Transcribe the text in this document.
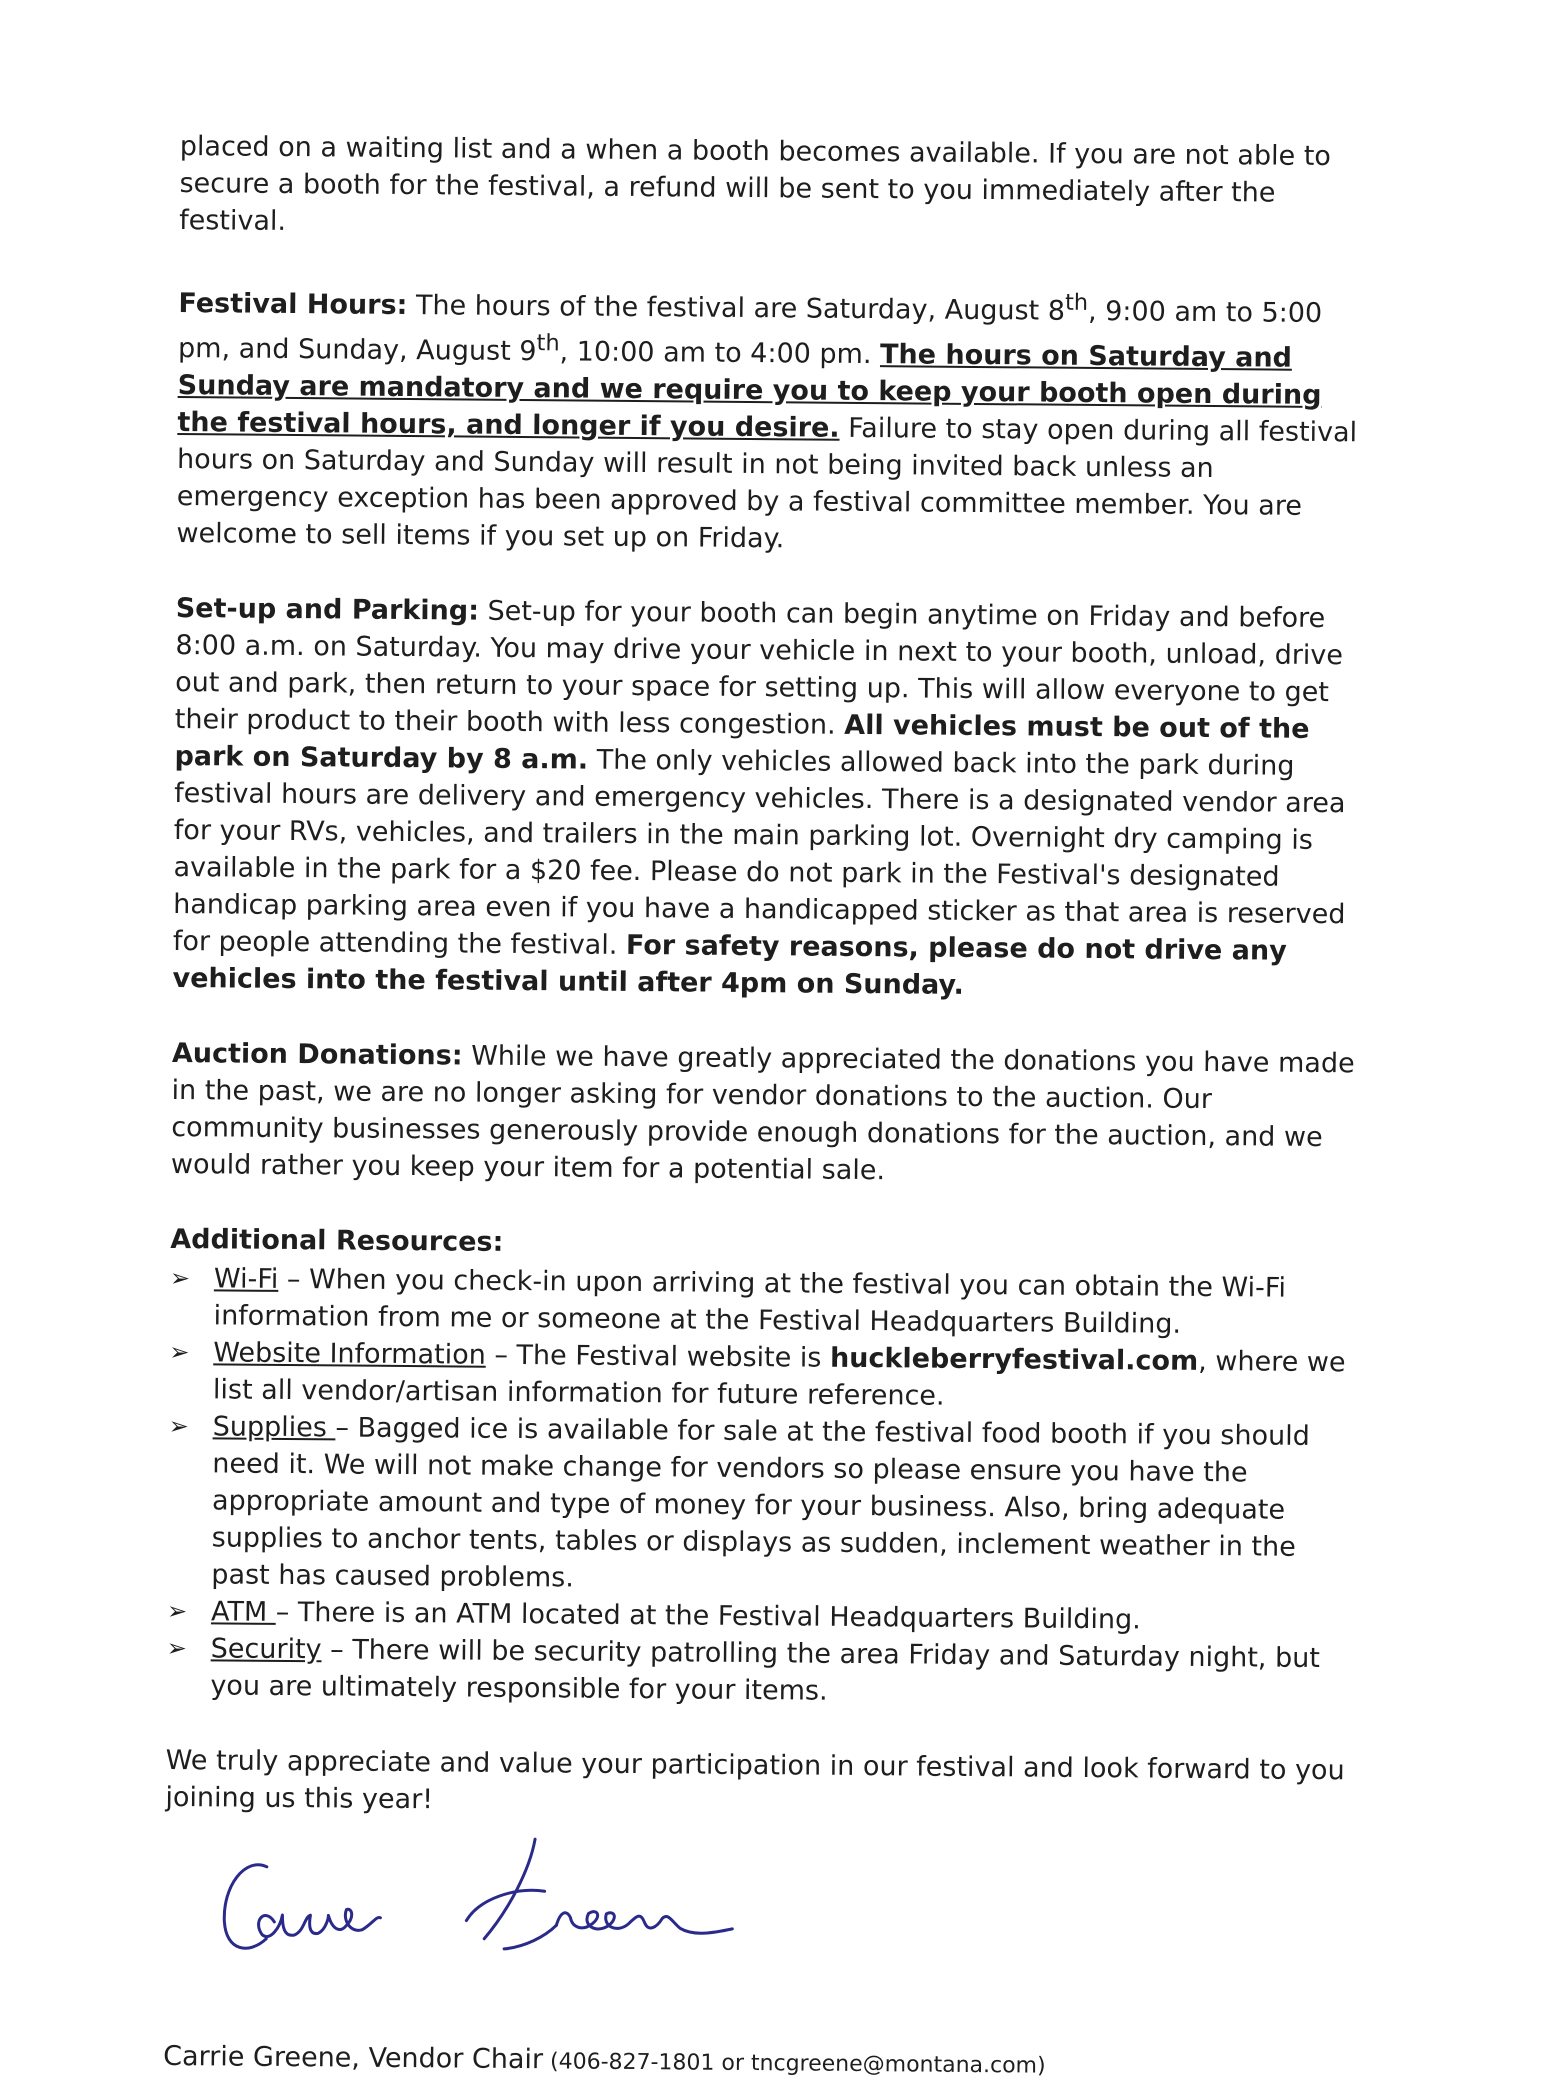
placed on a waiting list and a when a booth becomes available. If you are not able to secure a booth for the festival, a refund will be sent to you immediately after the festival.

Festival Hours: The hours of the festival are Saturday, August 8th, 9:00 am to 5:00 pm, and Sunday, August 9th, 10:00 am to 4:00 pm. The hours on Saturday and Sunday are mandatory and we require you to keep your booth open during the festival hours, and longer if you desire. Failure to stay open during all festival hours on Saturday and Sunday will result in not being invited back unless an emergency exception has been approved by a festival committee member. You are welcome to sell items if you set up on Friday.

Set-up and Parking: Set-up for your booth can begin anytime on Friday and before 8:00 a.m. on Saturday. You may drive your vehicle in next to your booth, unload, drive out and park, then return to your space for setting up. This will allow everyone to get their product to their booth with less congestion. All vehicles must be out of the park on Saturday by 8 a.m. The only vehicles allowed back into the park during festival hours are delivery and emergency vehicles. There is a designated vendor area for your RVs, vehicles, and trailers in the main parking lot. Overnight dry camping is available in the park for a $20 fee. Please do not park in the Festival's designated handicap parking area even if you have a handicapped sticker as that area is reserved for people attending the festival. For safety reasons, please do not drive any vehicles into the festival until after 4pm on Sunday.

Auction Donations: While we have greatly appreciated the donations you have made in the past, we are no longer asking for vendor donations to the auction. Our community businesses generously provide enough donations for the auction, and we would rather you keep your item for a potential sale.

Additional Resources:

➢ Wi-Fi – When you check-in upon arriving at the festival you can obtain the Wi-Fi information from me or someone at the Festival Headquarters Building.
➢ Website Information – The Festival website is huckleberryfestival.com, where we list all vendor/artisan information for future reference.
➢ Supplies – Bagged ice is available for sale at the festival food booth if you should need it. We will not make change for vendors so please ensure you have the appropriate amount and type of money for your business. Also, bring adequate supplies to anchor tents, tables or displays as sudden, inclement weather in the past has caused problems.
➢ ATM – There is an ATM located at the Festival Headquarters Building.
➢ Security – There will be security patrolling the area Friday and Saturday night, but you are ultimately responsible for your items.

We truly appreciate and value your participation in our festival and look forward to you joining us this year!

Carrie Greene, Vendor Chair (406-827-1801 or tncgreene@montana.com)
